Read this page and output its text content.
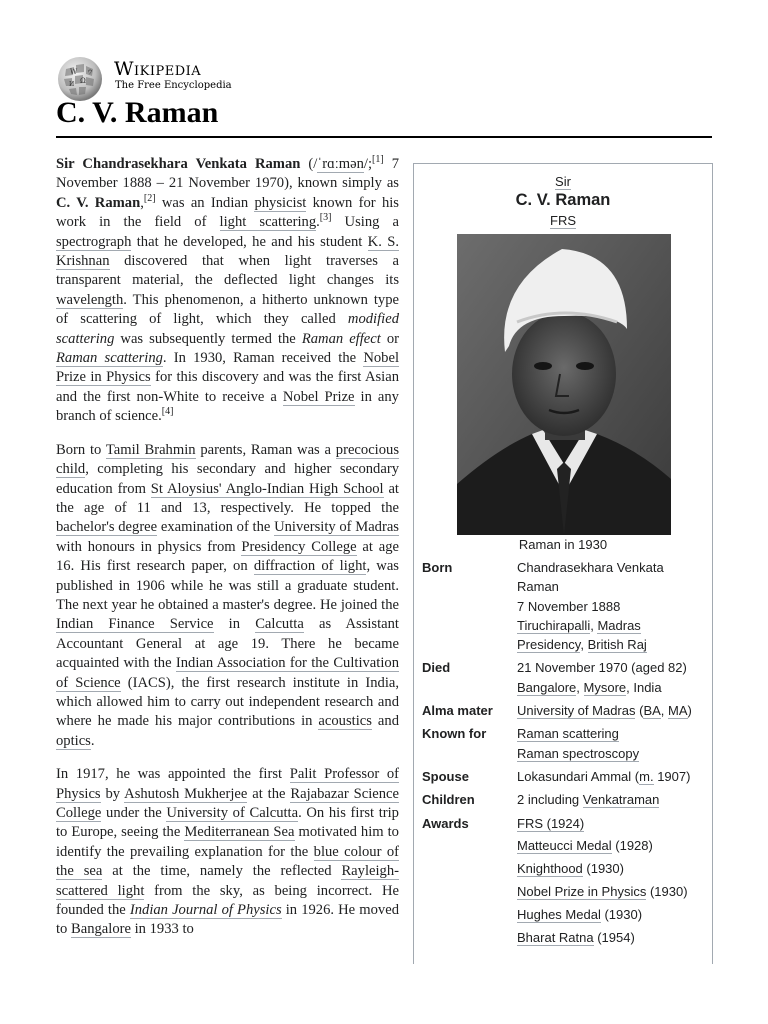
W
Ω
И
ウ Wikipedia
The Free Encyclopedia
C. V. Raman

Sir Chandrasekhara Venkata Raman (/ˈrɑːmən/;[1] 7 November 1888 – 21 November 1970), known simply as C. V. Raman,[2] was an Indian physicist known for his work in the field of light scattering.[3] Using a spectrograph that he developed, he and his student K. S. Krishnan discovered that when light traverses a transparent material, the deflected light changes its wavelength. This phenomenon, a hitherto unknown type of scattering of light, which they called modified scattering was subsequently termed the Raman effect or Raman scattering. In 1930, Raman received the Nobel Prize in Physics for this discovery and was the first Asian and the first non-White to receive a Nobel Prize in any branch of science.[4]

Born to Tamil Brahmin parents, Raman was a precocious child, completing his secondary and higher secondary education from St Aloysius' Anglo-Indian High School at the age of 11 and 13, respectively. He topped the bachelor's degree examination of the University of Madras with honours in physics from Presidency College at age 16. His first research paper, on diffraction of light, was published in 1906 while he was still a graduate student. The next year he obtained a master's degree. He joined the Indian Finance Service in Calcutta as Assistant Accountant General at age 19. There he became acquainted with the Indian Association for the Cultivation of Science (IACS), the first research institute in India, which allowed him to carry out independent research and where he made his major contributions in acoustics and optics.

In 1917, he was appointed the first Palit Professor of Physics by Ashutosh Mukherjee at the Rajabazar Science College under the University of Calcutta. On his first trip to Europe, seeing the Mediterranean Sea motivated him to identify the prevailing explanation for the blue colour of the sea at the time, namely the reflected Rayleigh-scattered light from the sky, as being incorrect. He founded the Indian Journal of Physics in 1926. He moved to Bangalore in 1933 to

Sir
C. V. Raman
FRS
Raman in 1930
Born	Chandrasekhara Venkata Raman
7 November 1888
Tiruchirapalli, Madras Presidency, British Raj
Died	21 November 1970 (aged 82)
Bangalore, Mysore, India
Alma mater	University of Madras (BA, MA)
Known for	Raman scattering
Raman spectroscopy
Spouse	Lokasundari Ammal (m. 1907)
Children	2 including Venkatraman
Awards	FRS (1924)
Matteucci Medal (1928)
Knighthood (1930)
Nobel Prize in Physics (1930)
Hughes Medal (1930)
Bharat Ratna (1954)
